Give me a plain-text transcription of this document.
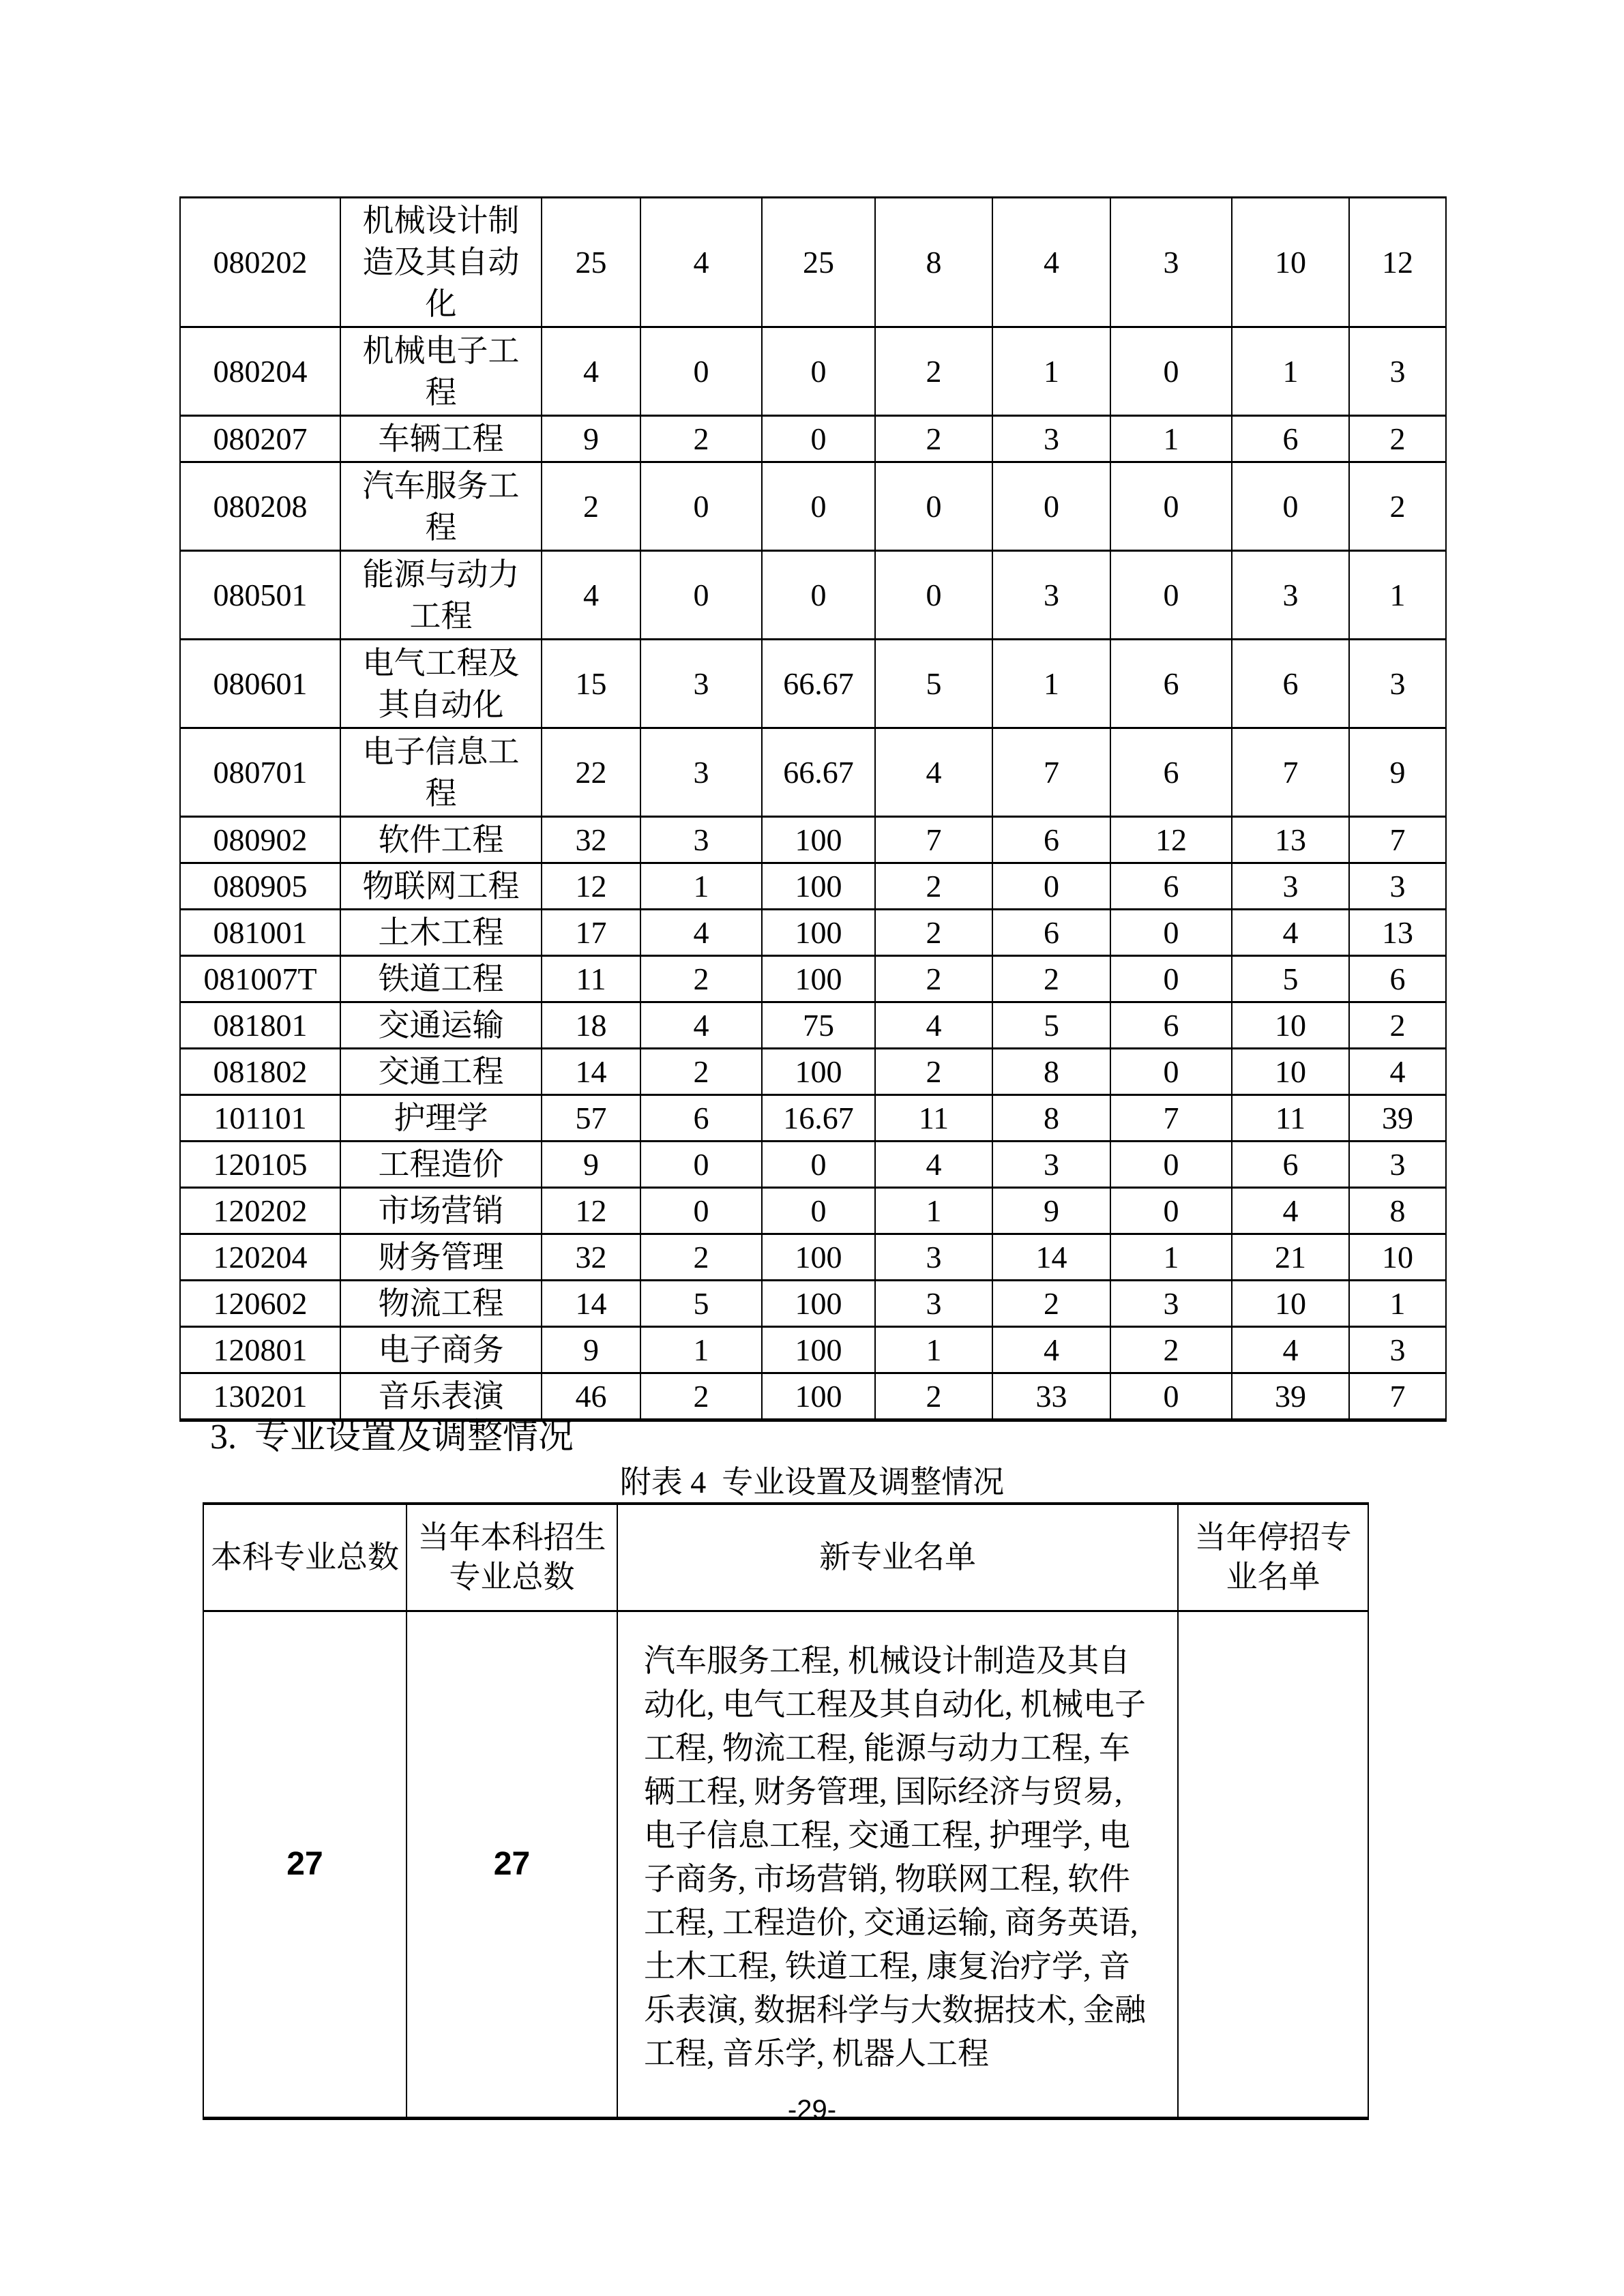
080202	机械设计制造及其自动化	25	4	25	8	4	3	10	12
080204	机械电子工程	4	0	0	2	1	0	1	3
080207	车辆工程	9	2	0	2	3	1	6	2
080208	汽车服务工程	2	0	0	0	0	0	0	2
080501	能源与动力工程	4	0	0	0	3	0	3	1
080601	电气工程及其自动化	15	3	66.67	5	1	6	6	3
080701	电子信息工程	22	3	66.67	4	7	6	7	9
080902	软件工程	32	3	100	7	6	12	13	7
080905	物联网工程	12	1	100	2	0	6	3	3
081001	土木工程	17	4	100	2	6	0	4	13
081007T	铁道工程	11	2	100	2	2	0	5	6
081801	交通运输	18	4	75	4	5	6	10	2
081802	交通工程	14	2	100	2	8	0	10	4
101101	护理学	57	6	16.67	11	8	7	11	39
120105	工程造价	9	0	0	4	3	0	6	3
120202	市场营销	12	0	0	1	9	0	4	8
120204	财务管理	32	2	100	3	14	1	21	10
120602	物流工程	14	5	100	3	2	3	10	1
120801	电子商务	9	1	100	1	4	2	4	3
130201	音乐表演	46	2	100	2	33	0	39	7
3.  专业设置及调整情况
附表 4  专业设置及调整情况
本科专业总数	当年本科招生专业总数	新专业名单	当年停招专业名单
27	27	汽车服务工程, 机械设计制造及其自动化, 电气工程及其自动化, 机械电子工程, 物流工程, 能源与动力工程, 车辆工程, 财务管理, 国际经济与贸易, 电子信息工程, 交通工程, 护理学, 电子商务, 市场营销, 物联网工程, 软件工程, 工程造价, 交通运输, 商务英语, 土木工程, 铁道工程, 康复治疗学, 音乐表演, 数据科学与大数据技术, 金融工程, 音乐学, 机器人工程	
-29-
